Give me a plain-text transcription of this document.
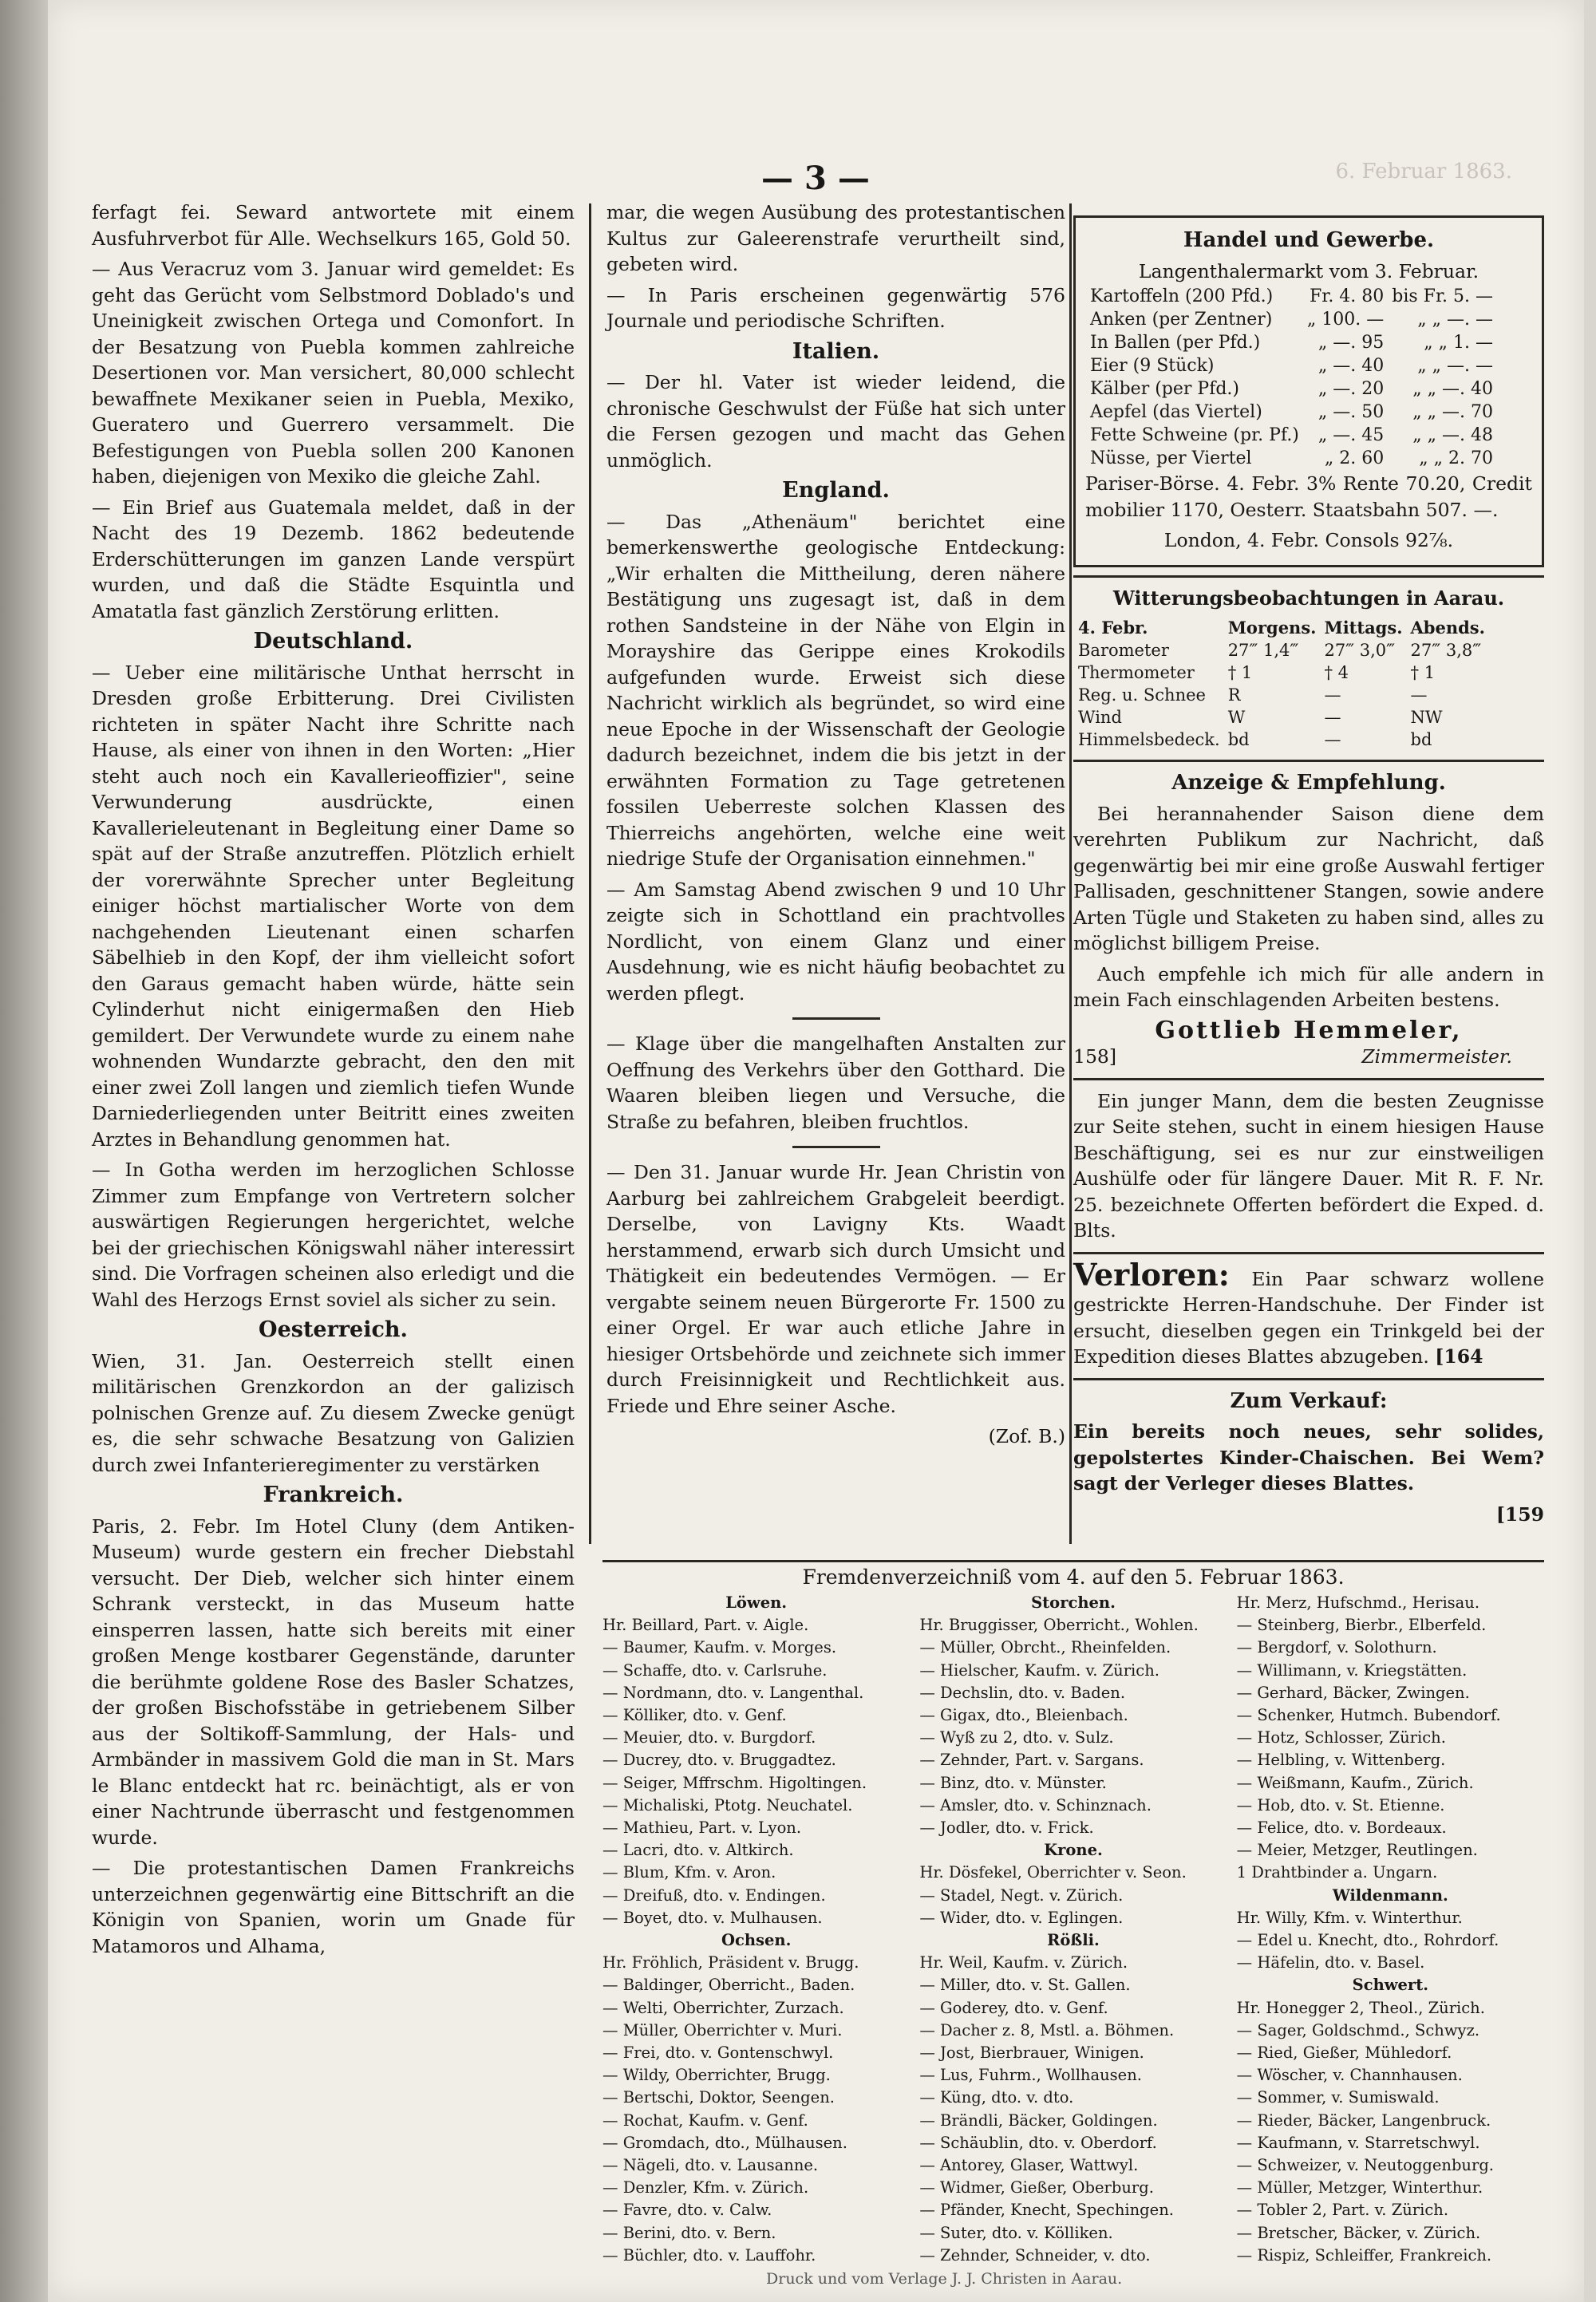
— 3 —	6. Februar 1863.

ferfagt fei. Seward antwortete mit einem Ausfuhrverbot für Alle. Wechselkurs 165, Gold 50.

— Aus Veracruz vom 3. Januar wird gemeldet: Es geht das Gerücht vom Selbstmord Doblado's und Uneinigkeit zwischen Ortega und Comonfort. In der Besatzung von Puebla kommen zahlreiche Desertionen vor. Man versichert, 80,000 schlecht bewaffnete Mexikaner seien in Puebla, Mexiko, Gueratero und Guerrero versammelt. Die Befestigungen von Puebla sollen 200 Kanonen haben, diejenigen von Mexiko die gleiche Zahl.

— Ein Brief aus Guatemala meldet, daß in der Nacht des 19 Dezemb. 1862 bedeutende Erderschütterungen im ganzen Lande verspürt wurden, und daß die Städte Esquintla und Amatatla fast gänzlich Zerstörung erlitten.

Deutschland.

— Ueber eine militärische Unthat herrscht in Dresden große Erbitterung. Drei Civilisten richteten in später Nacht ihre Schritte nach Hause, als einer von ihnen in den Worten: „Hier steht auch noch ein Kavallerieoffizier", seine Verwunderung ausdrückte, einen Kavallerieleutenant in Begleitung einer Dame so spät auf der Straße anzutreffen. Plötzlich erhielt der vorerwähnte Sprecher unter Begleitung einiger höchst martialischer Worte von dem nachgehenden Lieutenant einen scharfen Säbelhieb in den Kopf, der ihm vielleicht sofort den Garaus gemacht haben würde, hätte sein Cylinderhut nicht einigermaßen den Hieb gemildert. Der Verwundete wurde zu einem nahe wohnenden Wundarzte gebracht, den den mit einer zwei Zoll langen und ziemlich tiefen Wunde Darniederliegenden unter Beitritt eines zweiten Arztes in Behandlung genommen hat.

— In Gotha werden im herzoglichen Schlosse Zimmer zum Empfange von Vertretern solcher auswärtigen Regierungen hergerichtet, welche bei der griechischen Königswahl näher interessirt sind. Die Vorfragen scheinen also erledigt und die Wahl des Herzogs Ernst soviel als sicher zu sein.

Oesterreich.

Wien, 31. Jan. Oesterreich stellt einen militärischen Grenzkordon an der galizisch polnischen Grenze auf. Zu diesem Zwecke genügt es, die sehr schwache Besatzung von Galizien durch zwei Infanterieregimenter zu verstärken

Frankreich.

Paris, 2. Febr. Im Hotel Cluny (dem Antiken-Museum) wurde gestern ein frecher Diebstahl versucht. Der Dieb, welcher sich hinter einem Schrank versteckt, in das Museum hatte einsperren lassen, hatte sich bereits mit einer großen Menge kostbarer Gegenstände, darunter die berühmte goldene Rose des Basler Schatzes, der großen Bischofsstäbe in getriebenem Silber aus der Soltikoff-Sammlung, der Hals- und Armbänder in massivem Gold die man in St. Mars le Blanc entdeckt hat rc. beinächtigt, als er von einer Nachtrunde überrascht und festgenommen wurde.

— Die protestantischen Damen Frankreichs unterzeichnen gegenwärtig eine Bittschrift an die Königin von Spanien, worin um Gnade für Matamoros und Alhama,

mar, die wegen Ausübung des protestantischen Kultus zur Galeerenstrafe verurtheilt sind, gebeten wird.

— In Paris erscheinen gegenwärtig 576 Journale und periodische Schriften.

Italien.

— Der hl. Vater ist wieder leidend, die chronische Geschwulst der Füße hat sich unter die Fersen gezogen und macht das Gehen unmöglich.

England.

— Das „Athenäum" berichtet eine bemerkenswerthe geologische Entdeckung: „Wir erhalten die Mittheilung, deren nähere Bestätigung uns zugesagt ist, daß in dem rothen Sandsteine in der Nähe von Elgin in Morayshire das Gerippe eines Krokodils aufgefunden wurde. Erweist sich diese Nachricht wirklich als begründet, so wird eine neue Epoche in der Wissenschaft der Geologie dadurch bezeichnet, indem die bis jetzt in der erwähnten Formation zu Tage getretenen fossilen Ueberreste solchen Klassen des Thierreichs angehörten, welche eine weit niedrige Stufe der Organisation einnehmen."

— Am Samstag Abend zwischen 9 und 10 Uhr zeigte sich in Schottland ein prachtvolles Nordlicht, von einem Glanz und einer Ausdehnung, wie es nicht häufig beobachtet zu werden pflegt.

— Klage über die mangelhaften Anstalten zur Oeffnung des Verkehrs über den Gotthard. Die Waaren bleiben liegen und Versuche, die Straße zu befahren, bleiben fruchtlos.

— Den 31. Januar wurde Hr. Jean Christin von Aarburg bei zahlreichem Grabgeleit beerdigt. Derselbe, von Lavigny Kts. Waadt herstammend, erwarb sich durch Umsicht und Thätigkeit ein bedeutendes Vermögen. — Er vergabte seinem neuen Bürgerorte Fr. 1500 zu einer Orgel. Er war auch etliche Jahre in hiesiger Ortsbehörde und zeichnete sich immer durch Freisinnigkeit und Rechtlichkeit aus. Friede und Ehre seiner Asche.

(Zof. B.)

Handel und Gewerbe.
Langenthalermarkt vom 3. Februar.
Kartoffeln (200 Pfd.)	Fr. 4. 80	bis Fr. 5. —
Anken (per Zentner)	„ 100. —	„ „ —. —
In Ballen (per Pfd.)	„ —. 95	„ „ 1. —
Eier (9 Stück)	„ —. 40	„ „ —. —
Kälber (per Pfd.)	„ —. 20	„ „ —. 40
Aepfel (das Viertel)	„ —. 50	„ „ —. 70
Fette Schweine (pr. Pf.)	„ —. 45	„ „ —. 48
Nüsse, per Viertel	„ 2. 60	„ „ 2. 70

Pariser-Börse. 4. Febr. 3% Rente 70.20, Credit mobilier 1170, Oesterr. Staatsbahn 507. —.

London, 4. Febr. Consols 92⅞.

Witterungsbeobachtungen in Aarau.
4. Febr.	Morgens.	Mittags.	Abends.
Barometer	27‴ 1,4‴	27‴ 3,0‴	27‴ 3,8‴
Thermometer	† 1	† 4	† 1
Reg. u. Schnee	R	—	—
Wind	W	—	NW
Himmelsbedeck.	bd	—	bd
Anzeige & Empfehlung.

Bei herannahender Saison diene dem verehrten Publikum zur Nachricht, daß gegenwärtig bei mir eine große Auswahl fertiger Pallisaden, geschnittener Stangen, sowie andere Arten Tügle und Staketen zu haben sind, alles zu möglichst billigem Preise.

Auch empfehle ich mich für alle andern in mein Fach einschlagenden Arbeiten bestens.

Gottlieb Hemmeler,
158]	Zimmermeister.

Ein junger Mann, dem die besten Zeugnisse zur Seite stehen, sucht in einem hiesigen Hause Beschäftigung, sei es nur zur einstweiligen Aushülfe oder für längere Dauer. Mit R. F. Nr. 25. bezeichnete Offerten befördert die Exped. d. Blts.

Verloren: Ein Paar schwarz wollene gestrickte Herren-Handschuhe. Der Finder ist ersucht, dieselben gegen ein Trinkgeld bei der Expedition dieses Blattes abzugeben. [164

Zum Verkauf:

Ein bereits noch neues, sehr solides, gepolstertes Kinder-Chaischen. Bei Wem? sagt der Verleger dieses Blattes.

[159

Fremdenverzeichniß vom 4. auf den 5. Februar 1863.
Löwen.
Hr. Beillard, Part. v. Aigle.
— Baumer, Kaufm. v. Morges.
— Schaffe, dto. v. Carlsruhe.
— Nordmann, dto. v. Langenthal.
— Kölliker, dto. v. Genf.
— Meuier, dto. v. Burgdorf.
— Ducrey, dto. v. Bruggadtez.
— Seiger, Mffrschm. Higoltingen.
— Michaliski, Ptotg. Neuchatel.
— Mathieu, Part. v. Lyon.
— Lacri, dto. v. Altkirch.
— Blum, Kfm. v. Aron.
— Dreifuß, dto. v. Endingen.
— Boyet, dto. v. Mulhausen.
Ochsen.
Hr. Fröhlich, Präsident v. Brugg.
— Baldinger, Oberricht., Baden.
— Welti, Oberrichter, Zurzach.
— Müller, Oberrichter v. Muri.
— Frei, dto. v. Gontenschwyl.
— Wildy, Oberrichter, Brugg.
— Bertschi, Doktor, Seengen.
— Rochat, Kaufm. v. Genf.
— Gromdach, dto., Mülhausen.
— Nägeli, dto. v. Lausanne.
— Denzler, Kfm. v. Zürich.
— Favre, dto. v. Calw.
— Berini, dto. v. Bern.
— Büchler, dto. v. Lauffohr.
Storchen.
Hr. Bruggisser, Oberricht., Wohlen.
— Müller, Obrcht., Rheinfelden.
— Hielscher, Kaufm. v. Zürich.
— Dechslin, dto. v. Baden.
— Gigax, dto., Bleienbach.
— Wyß zu 2, dto. v. Sulz.
— Zehnder, Part. v. Sargans.
— Binz, dto. v. Münster.
— Amsler, dto. v. Schinznach.
— Jodler, dto. v. Frick.
Krone.
Hr. Dösfekel, Oberrichter v. Seon.
— Stadel, Negt. v. Zürich.
— Wider, dto. v. Eglingen.
Rößli.
Hr. Weil, Kaufm. v. Zürich.
— Miller, dto. v. St. Gallen.
— Goderey, dto. v. Genf.
— Dacher z. 8, Mstl. a. Böhmen.
— Jost, Bierbrauer, Winigen.
— Lus, Fuhrm., Wollhausen.
— Küng, dto. v. dto.
— Brändli, Bäcker, Goldingen.
— Schäublin, dto. v. Oberdorf.
— Antorey, Glaser, Wattwyl.
— Widmer, Gießer, Oberburg.
— Pfänder, Knecht, Spechingen.
— Suter, dto. v. Kölliken.
— Zehnder, Schneider, v. dto.
Hr. Merz, Hufschmd., Herisau.
— Steinberg, Bierbr., Elberfeld.
— Bergdorf, v. Solothurn.
— Willimann, v. Kriegstätten.
— Gerhard, Bäcker, Zwingen.
— Schenker, Hutmch. Bubendorf.
— Hotz, Schlosser, Zürich.
— Helbling, v. Wittenberg.
— Weißmann, Kaufm., Zürich.
— Hob, dto. v. St. Etienne.
— Felice, dto. v. Bordeaux.
— Meier, Metzger, Reutlingen.
1 Drahtbinder a. Ungarn.
Wildenmann.
Hr. Willy, Kfm. v. Winterthur.
— Edel u. Knecht, dto., Rohrdorf.
— Häfelin, dto. v. Basel.
Schwert.
Hr. Honegger 2, Theol., Zürich.
— Sager, Goldschmd., Schwyz.
— Ried, Gießer, Mühledorf.
— Wöscher, v. Channhausen.
— Sommer, v. Sumiswald.
— Rieder, Bäcker, Langenbruck.
— Kaufmann, v. Starretschwyl.
— Schweizer, v. Neutoggenburg.
— Müller, Metzger, Winterthur.
— Tobler 2, Part. v. Zürich.
— Bretscher, Bäcker, v. Zürich.
— Rispiz, Schleiffer, Frankreich.
Druck und vom Verlage J. J. Christen in Aarau.
